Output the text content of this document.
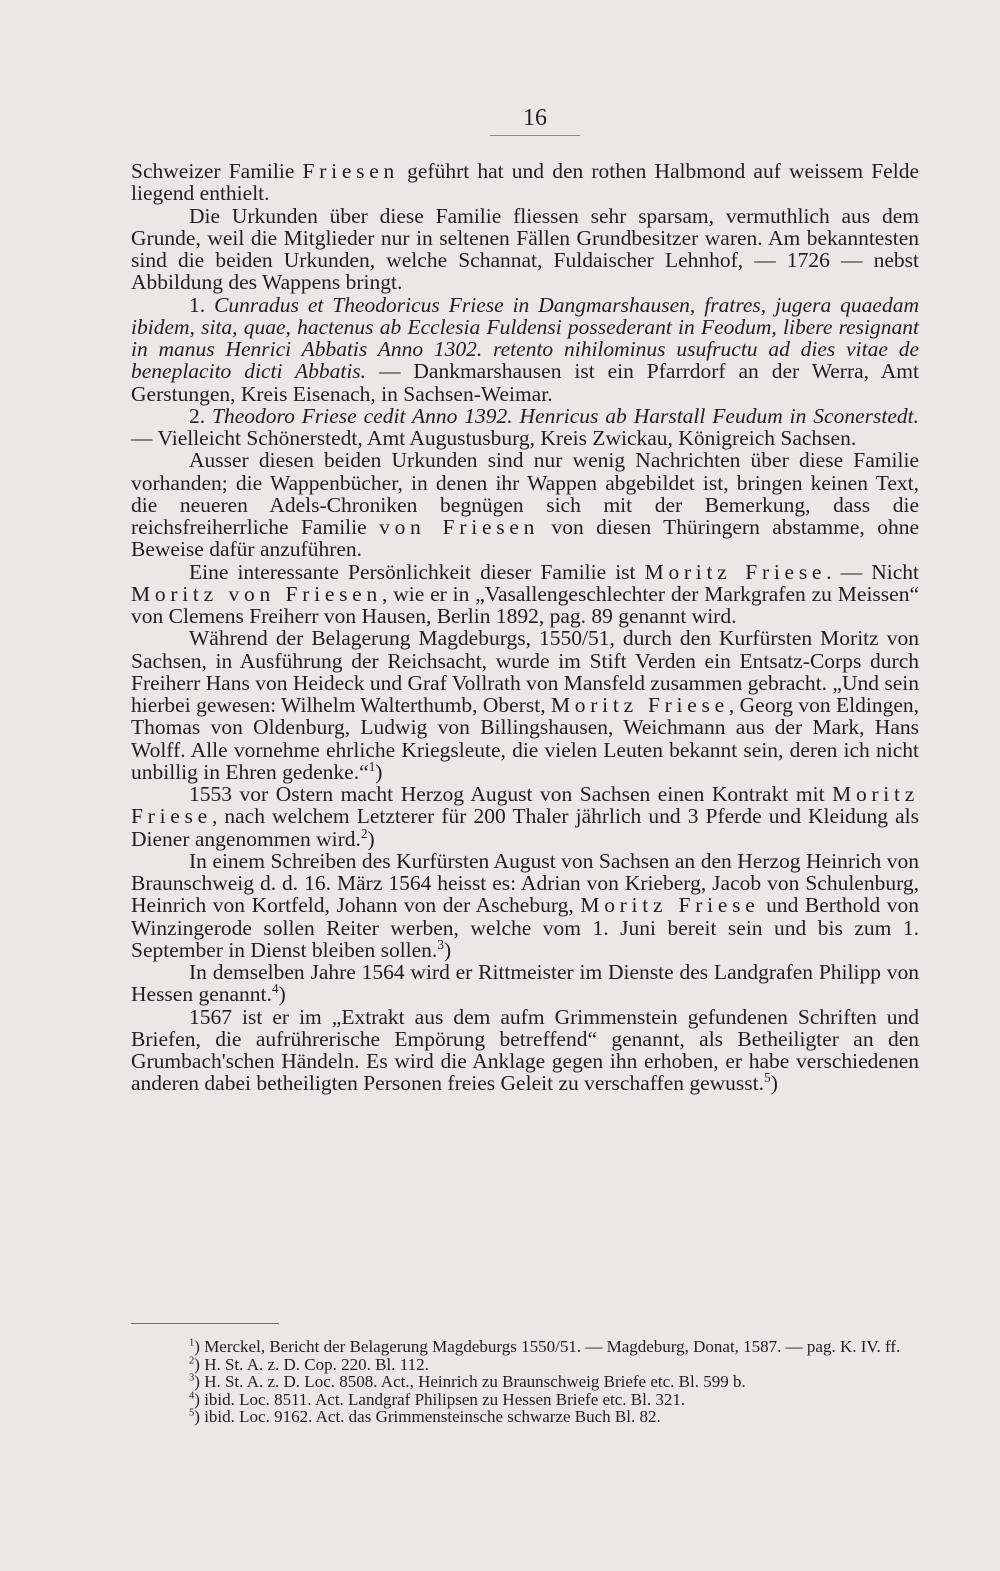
16

Schweizer Familie Friesen geführt hat und den rothen Halbmond auf weissem Felde liegend enthielt.

Die Urkunden über diese Familie fliessen sehr sparsam, vermuthlich aus dem Grunde, weil die Mitglieder nur in seltenen Fällen Grundbesitzer waren. Am bekanntesten sind die beiden Urkunden, welche Schannat, Fuldaischer Lehnhof, — 1726 — nebst Abbildung des Wappens bringt.

1. Cunradus et Theodoricus Friese in Dangmarshausen, fratres, jugera quaedam ibidem, sita, quae, hactenus ab Ecclesia Fuldensi possederant in Feodum, libere resignant in manus Henrici Abbatis Anno 1302. retento nihilominus usufructu ad dies vitae de beneplacito dicti Abbatis. — Dankmarshausen ist ein Pfarrdorf an der Werra, Amt Gerstungen, Kreis Eisenach, in Sachsen-Weimar.

2. Theodoro Friese cedit Anno 1392. Henricus ab Harstall Feudum in Sconerstedt. — Vielleicht Schönerstedt, Amt Augustusburg, Kreis Zwickau, Königreich Sachsen.

Ausser diesen beiden Urkunden sind nur wenig Nachrichten über diese Familie vorhanden; die Wappenbücher, in denen ihr Wappen abgebildet ist, bringen keinen Text, die neueren Adels-Chroniken begnügen sich mit der Bemerkung, dass die reichsfreiherrliche Familie von Friesen von diesen Thüringern abstamme, ohne Beweise dafür anzuführen.

Eine interessante Persönlichkeit dieser Familie ist Moritz Friese. — Nicht Moritz von Friesen, wie er in „Vasallengeschlechter der Markgrafen zu Meissen“ von Clemens Freiherr von Hausen, Berlin 1892, pag. 89 genannt wird.

Während der Belagerung Magdeburgs, 1550/51, durch den Kurfürsten Moritz von Sachsen, in Ausführung der Reichsacht, wurde im Stift Verden ein Entsatz-Corps durch Freiherr Hans von Heideck und Graf Vollrath von Mansfeld zusammen gebracht. „Und sein hierbei gewesen: Wilhelm Walterthumb, Oberst, Moritz Friese, Georg von Eldingen, Thomas von Oldenburg, Ludwig von Billingshausen, Weichmann aus der Mark, Hans Wolff. Alle vornehme ehrliche Kriegsleute, die vielen Leuten bekannt sein, deren ich nicht unbillig in Ehren gedenke.“$^1$)

1553 vor Ostern macht Herzog August von Sachsen einen Kontrakt mit Moritz Friese, nach welchem Letzterer für 200 Thaler jährlich und 3 Pferde und Kleidung als Diener angenommen wird.$^2$)

In einem Schreiben des Kurfürsten August von Sachsen an den Herzog Heinrich von Braunschweig d. d. 16. März 1564 heisst es: Adrian von Krieberg, Jacob von Schulenburg, Heinrich von Kortfeld, Johann von der Ascheburg, Moritz Friese und Berthold von Winzingerode sollen Reiter werben, welche vom 1. Juni bereit sein und bis zum 1. September in Dienst bleiben sollen.$^3$)

In demselben Jahre 1564 wird er Rittmeister im Dienste des Landgrafen Philipp von Hessen genannt.$^4$)

1567 ist er im „Extrakt aus dem aufm Grimmenstein gefundenen Schriften und Briefen, die aufrührerische Empörung betreffend“ genannt, als Betheiligter an den Grumbach'schen Händeln. Es wird die Anklage gegen ihn erhoben, er habe verschiedenen anderen dabei betheiligten Personen freies Geleit zu verschaffen gewusst.$^5$)

$^1$) Merckel, Bericht der Belagerung Magdeburgs 1550/51. — Magdeburg, Donat, 1587. — pag. K. IV. ff.

$^2$) H. St. A. z. D. Cop. 220. Bl. 112.

$^3$) H. St. A. z. D. Loc. 8508. Act., Heinrich zu Braunschweig Briefe etc. Bl. 599 b.

$^4$) ibid. Loc. 8511. Act. Landgraf Philipsen zu Hessen Briefe etc. Bl. 321.

$^5$) ibid. Loc. 9162. Act. das Grimmensteinsche schwarze Buch Bl. 82.
